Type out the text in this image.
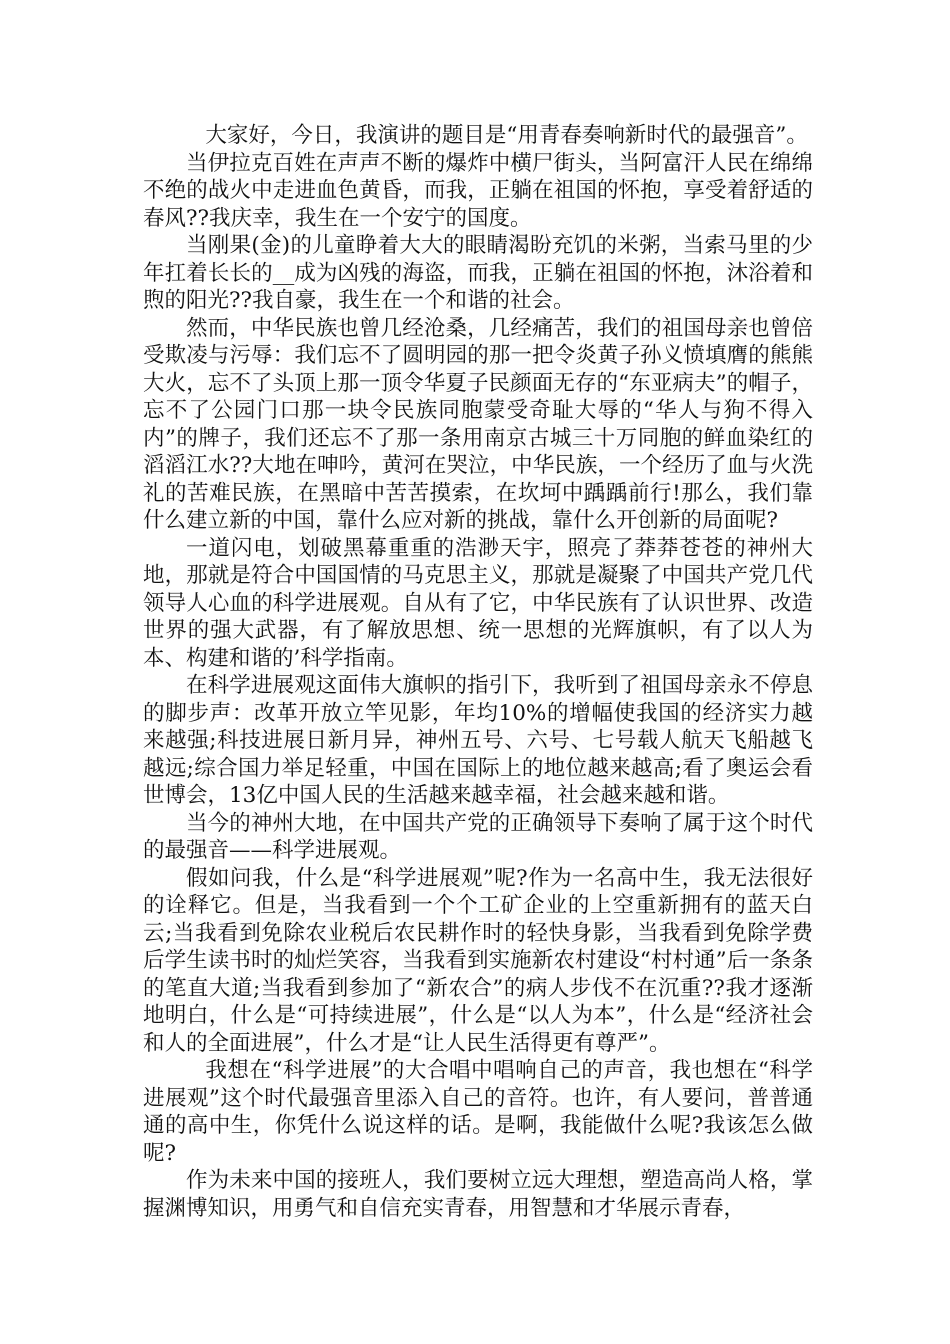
大家好，今日，我演讲的题目是“用青春奏响新时代的最强音”。

当伊拉克百姓在声声不断的爆炸中横尸街头，当阿富汗人民在绵绵不绝的战火中走进血色黄昏，而我，正躺在祖国的怀抱，享受着舒适的春风??我庆幸，我生在一个安宁的国度。

当刚果(金)的儿童睁着大大的眼睛渴盼充饥的米粥，当索马里的少年扛着长长的__成为凶残的海盗，而我，正躺在祖国的怀抱，沐浴着和煦的阳光??我自豪，我生在一个和谐的社会。

然而，中华民族也曾几经沧桑，几经痛苦，我们的祖国母亲也曾倍受欺凌与污辱：我们忘不了圆明园的那一把令炎黄子孙义愤填膺的熊熊大火，忘不了头顶上那一顶令华夏子民颜面无存的“东亚病夫”的帽子，忘不了公园门口那一块令民族同胞蒙受奇耻大辱的“华人与狗不得入内”的牌子，我们还忘不了那一条用南京古城三十万同胞的鲜血染红的滔滔江水??大地在呻吟，黄河在哭泣，中华民族，一个经历了血与火洗礼的苦难民族，在黑暗中苦苦摸索，在坎坷中踽踽前行!那么，我们靠什么建立新的中国，靠什么应对新的挑战，靠什么开创新的局面呢?

一道闪电，划破黑幕重重的浩渺天宇，照亮了莽莽苍苍的神州大地，那就是符合中国国情的马克思主义，那就是凝聚了中国共产党几代领导人心血的科学进展观。自从有了它，中华民族有了认识世界、改造世界的强大武器，有了解放思想、统一思想的光辉旗帜，有了以人为本、构建和谐的’科学指南。

在科学进展观这面伟大旗帜的指引下，我听到了祖国母亲永不停息的脚步声：改革开放立竿见影，年均10%的增幅使我国的经济实力越来越强;科技进展日新月异，神州五号、六号、七号载人航天飞船越飞越远;综合国力举足轻重，中国在国际上的地位越来越高;看了奥运会看世博会，13亿中国人民的生活越来越幸福，社会越来越和谐。

当今的神州大地，在中国共产党的正确领导下奏响了属于这个时代的最强音——科学进展观。

假如问我，什么是“科学进展观”呢?作为一名高中生，我无法很好的诠释它。但是，当我看到一个个工矿企业的上空重新拥有的蓝天白云;当我看到免除农业税后农民耕作时的轻快身影，当我看到免除学费后学生读书时的灿烂笑容，当我看到实施新农村建设“村村通”后一条条的笔直大道;当我看到参加了“新农合”的病人步伐不在沉重??我才逐渐地明白，什么是“可持续进展”，什么是“以人为本”，什么是“经济社会和人的全面进展”，什么才是“让人民生活得更有尊严”。

我想在“科学进展”的大合唱中唱响自己的声音，我也想在“科学进展观”这个时代最强音里添入自己的音符。也许，有人要问，普普通通的高中生，你凭什么说这样的话。是啊，我能做什么呢?我该怎么做呢?

作为未来中国的接班人，我们要树立远大理想，塑造高尚人格，掌握渊博知识，用勇气和自信充实青春，用智慧和才华展示青春，
